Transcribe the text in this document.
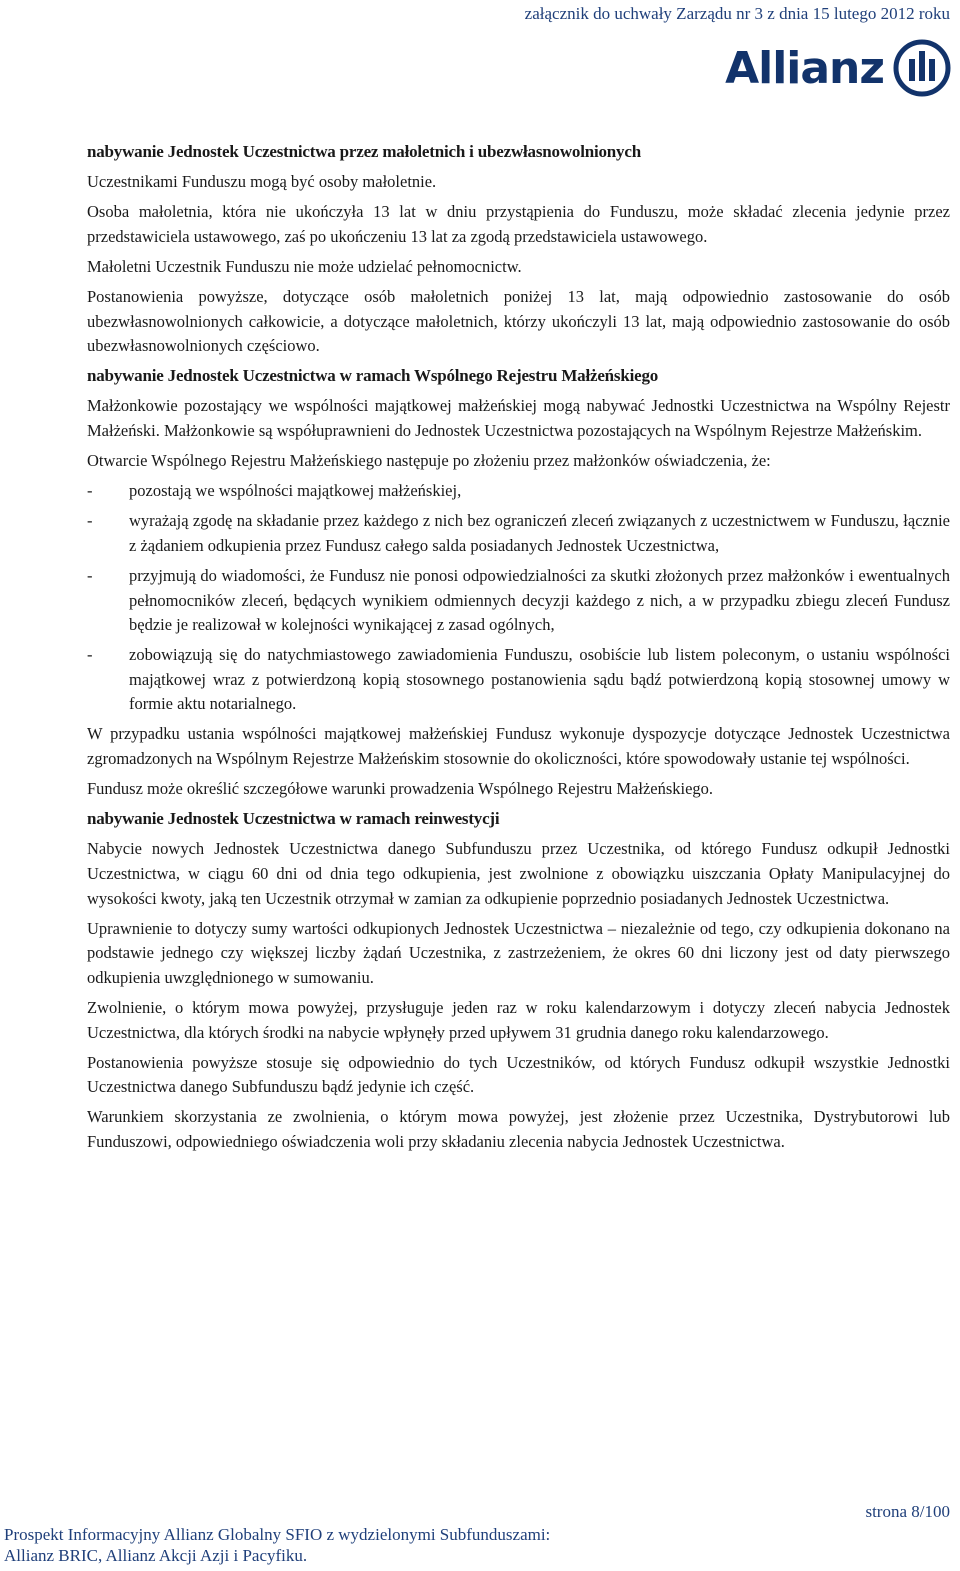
załącznik do uchwały Zarządu nr 3 z dnia 15 lutego 2012 roku
Allianz
nabywanie Jednostek Uczestnictwa przez małoletnich i ubezwłasnowolnionych

Uczestnikami Funduszu mogą być osoby małoletnie.

Osoba małoletnia, która nie ukończyła 13 lat w dniu przystąpienia do Funduszu, może składać zlecenia jedynie przez przedstawiciela ustawowego, zaś po ukończeniu 13 lat za zgodą przedstawiciela ustawowego.

Małoletni Uczestnik Funduszu nie może udzielać pełnomocnictw.

Postanowienia powyższe, dotyczące osób małoletnich poniżej 13 lat, mają odpowiednio zastosowanie do osób ubezwłasnowolnionych całkowicie, a dotyczące małoletnich, którzy ukończyli 13 lat, mają odpowiednio zastosowanie do osób ubezwłasnowolnionych częściowo.

nabywanie Jednostek Uczestnictwa w ramach Wspólnego Rejestru Małżeńskiego

Małżonkowie pozostający we wspólności majątkowej małżeńskiej mogą nabywać Jednostki Uczestnictwa na Wspólny Rejestr Małżeński. Małżonkowie są współuprawnieni do Jednostek Uczestnictwa pozostających na Wspólnym Rejestrze Małżeńskim.

Otwarcie Wspólnego Rejestru Małżeńskiego następuje po złożeniu przez małżonków oświadczenia, że:

- pozostają we wspólności majątkowej małżeńskiej,
- wyrażają zgodę na składanie przez każdego z nich bez ograniczeń zleceń związanych z uczestnictwem w Funduszu, łącznie z żądaniem odkupienia przez Fundusz całego salda posiadanych Jednostek Uczestnictwa,
- przyjmują do wiadomości, że Fundusz nie ponosi odpowiedzialności za skutki złożonych przez małżonków i ewentualnych pełnomocników zleceń, będących wynikiem odmiennych decyzji każdego z nich, a w przypadku zbiegu zleceń Fundusz będzie je realizował w kolejności wynikającej z zasad ogólnych,
- zobowiązują się do natychmiastowego zawiadomienia Funduszu, osobiście lub listem poleconym, o ustaniu wspólności majątkowej wraz z potwierdzoną kopią stosownego postanowienia sądu bądź potwierdzoną kopią stosownej umowy w formie aktu notarialnego.

W przypadku ustania wspólności majątkowej małżeńskiej Fundusz wykonuje dyspozycje dotyczące Jednostek Uczestnictwa zgromadzonych na Wspólnym Rejestrze Małżeńskim stosownie do okoliczności, które spowodowały ustanie tej wspólności.

Fundusz może określić szczegółowe warunki prowadzenia Wspólnego Rejestru Małżeńskiego.

nabywanie Jednostek Uczestnictwa w ramach reinwestycji

Nabycie nowych Jednostek Uczestnictwa danego Subfunduszu przez Uczestnika, od którego Fundusz odkupił Jednostki Uczestnictwa, w ciągu 60 dni od dnia tego odkupienia, jest zwolnione z obowiązku uiszczania Opłaty Manipulacyjnej do wysokości kwoty, jaką ten Uczestnik otrzymał w zamian za odkupienie poprzednio posiadanych Jednostek Uczestnictwa.

Uprawnienie to dotyczy sumy wartości odkupionych Jednostek Uczestnictwa – niezależnie od tego, czy odkupienia dokonano na podstawie jednego czy większej liczby żądań Uczestnika, z zastrzeżeniem, że okres 60 dni liczony jest od daty pierwszego odkupienia uwzględnionego w sumowaniu.

Zwolnienie, o którym mowa powyżej, przysługuje jeden raz w roku kalendarzowym i dotyczy zleceń nabycia Jednostek Uczestnictwa, dla których środki na nabycie wpłynęły przed upływem 31 grudnia danego roku kalendarzowego.

Postanowienia powyższe stosuje się odpowiednio do tych Uczestników, od których Fundusz odkupił wszystkie Jednostki Uczestnictwa danego Subfunduszu bądź jedynie ich część.

Warunkiem skorzystania ze zwolnienia, o którym mowa powyżej, jest złożenie przez Uczestnika, Dystrybutorowi lub Funduszowi, odpowiedniego oświadczenia woli przy składaniu zlecenia nabycia Jednostek Uczestnictwa.

strona 8/100
Prospekt Informacyjny Allianz Globalny SFIO z wydzielonymi Subfunduszami:
Allianz BRIC, Allianz Akcji Azji i Pacyfiku.
